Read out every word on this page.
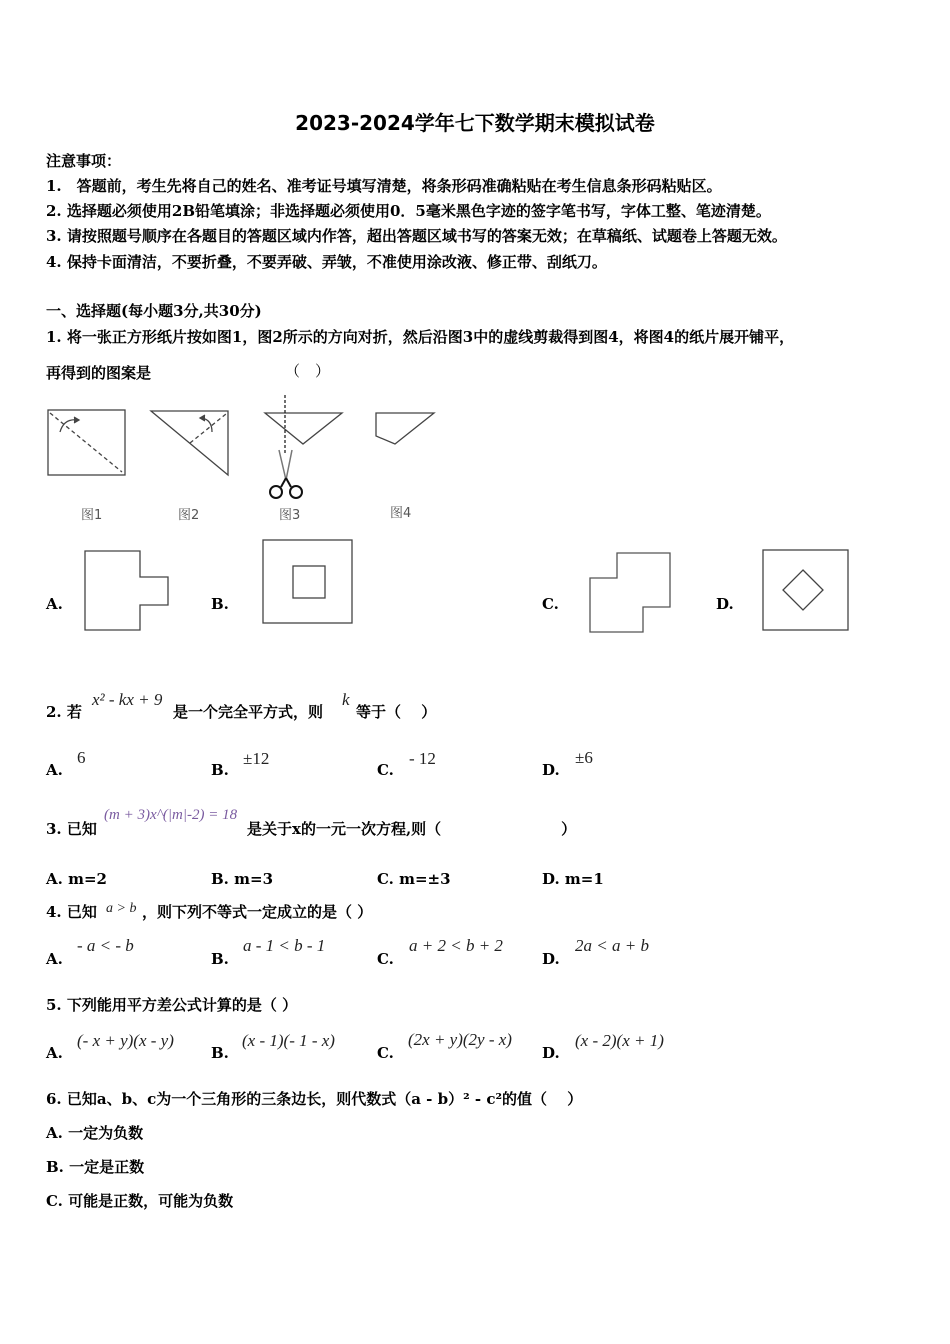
2023-2024学年七下数学期末模拟试卷
注意事项：
1.　答题前，考生先将自己的姓名、准考证号填写清楚，将条形码准确粘贴在考生信息条形码粘贴区。
2. 选择题必须使用2B铅笔填涂；非选择题必须使用0．5毫米黑色字迹的签字笔书写，字体工整、笔迹清楚。
3. 请按照题号顺序在各题目的答题区域内作答，超出答题区域书写的答案无效；在草稿纸、试题卷上答题无效。
4. 保持卡面清洁，不要折叠，不要弄破、弄皱，不准使用涂改液、修正带、刮纸刀。
一、选择题(每小题3分,共30分)
1. 将一张正方形纸片按如图1，图2所示的方向对折，然后沿图3中的虚线剪裁得到图4，将图4的纸片展开铺平，
再得到的图案是	（　）
图1	图2	图3	图4
A.	B.	C.	D.
2. 若
x² - kx + 9
是一个完全平方式，则
k
等于（　 ）
A.
6
B.
±12
C.
- 12
D.
±6
3. 已知
(m + 3)x^(|m|-2) = 18
是关于x的一元一次方程,则（　　　　　　　　）
A. m=2	B. m=3	C. m=±3	D. m=1
4. 已知 a > b ，则下列不等式一定成立的是（ ）
A.
- a < - b
B.
a - 1 < b - 1
C.
a + 2 < b + 2
D.
2a < a + b
5. 下列能用平方差公式计算的是（ ）
A.
(- x + y)(x - y)
B.
(x - 1)(- 1 - x)
C.
(2x + y)(2y - x)
D.
(x - 2)(x + 1)
6. 已知a、b、c为一个三角形的三条边长，则代数式（a - b）² - c²的值（　 ）
A. 一定为负数
B. 一定是正数
C. 可能是正数，可能为负数
